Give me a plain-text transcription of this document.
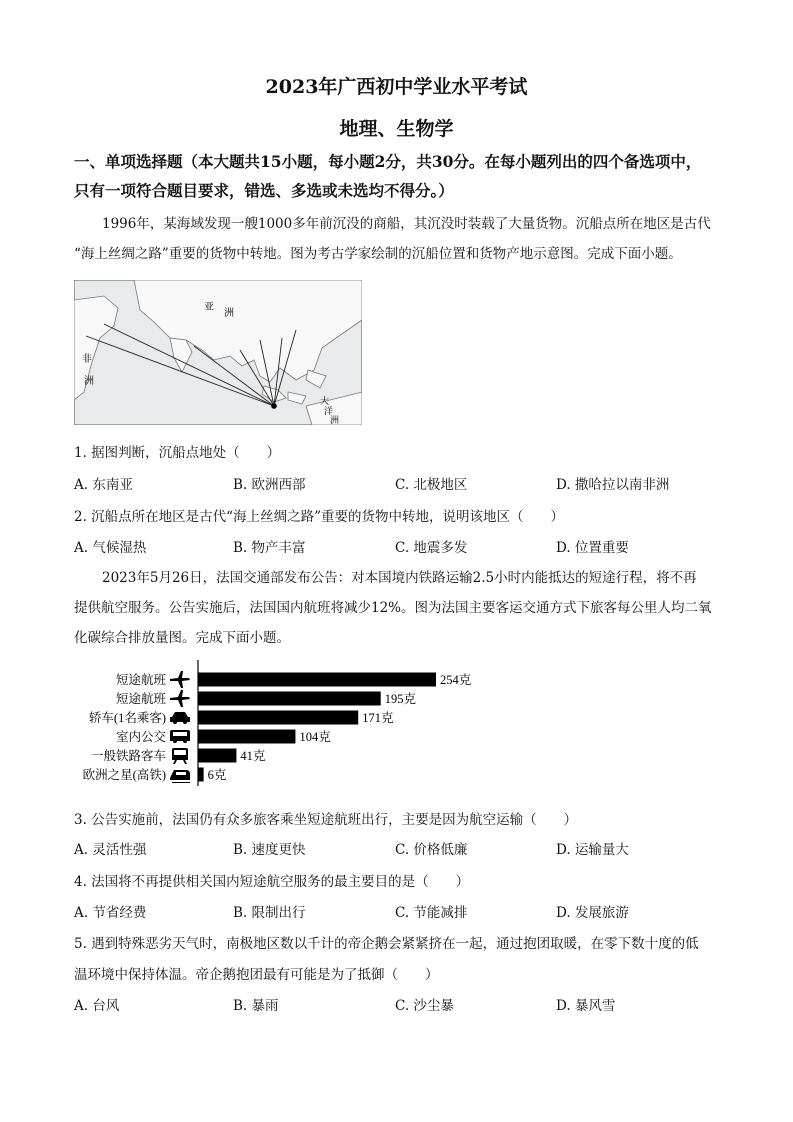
2023年广西初中学业水平考试
地理、生物学
一、单项选择题（本大题共15小题，每小题2分，共30分。在每小题列出的四个备选项中，
只有一项符合题目要求，错选、多选或未选均不得分。）
1996年，某海域发现一艘1000多年前沉没的商船，其沉没时装载了大量货物。沉船点所在地区是古代
“海上丝绸之路”重要的货物中转地。图为考古学家绘制的沉船位置和货物产地示意图。完成下面小题。
亚
洲
非
洲
大
洋
洲
1. 据图判断，沉船点地处（　　）
A. 东南亚	B. 欧洲西部	C. 北极地区	D. 撒哈拉以南非洲
2. 沉船点所在地区是古代“海上丝绸之路”重要的货物中转地，说明该地区（　　）
A. 气候湿热	B. 物产丰富	C. 地震多发	D. 位置重要
2023年5月26日，法国交通部发布公告：对本国境内铁路运输2.5小时内能抵达的短途行程，将不再
提供航空服务。公告实施后，法国国内航班将减少12%。图为法国主要客运交通方式下旅客每公里人均二氧
化碳综合排放量图。完成下面小题。
短途航班	254克
短途航班	195克
轿车(1名乘客)	171克
室内公交	104克
一般铁路客车	41克
欧洲之星(高铁)	6克
3. 公告实施前，法国仍有众多旅客乘坐短途航班出行，主要是因为航空运输（　　）
A. 灵活性强	B. 速度更快	C. 价格低廉	D. 运输量大
4. 法国将不再提供相关国内短途航空服务的最主要目的是（　　）
A. 节省经费	B. 限制出行	C. 节能减排	D. 发展旅游
5. 遇到特殊恶劣天气时，南极地区数以千计的帝企鹅会紧紧挤在一起，通过抱团取暖，在零下数十度的低
温环境中保持体温。帝企鹅抱团最有可能是为了抵御（　　）
A. 台风	B. 暴雨	C. 沙尘暴	D. 暴风雪
